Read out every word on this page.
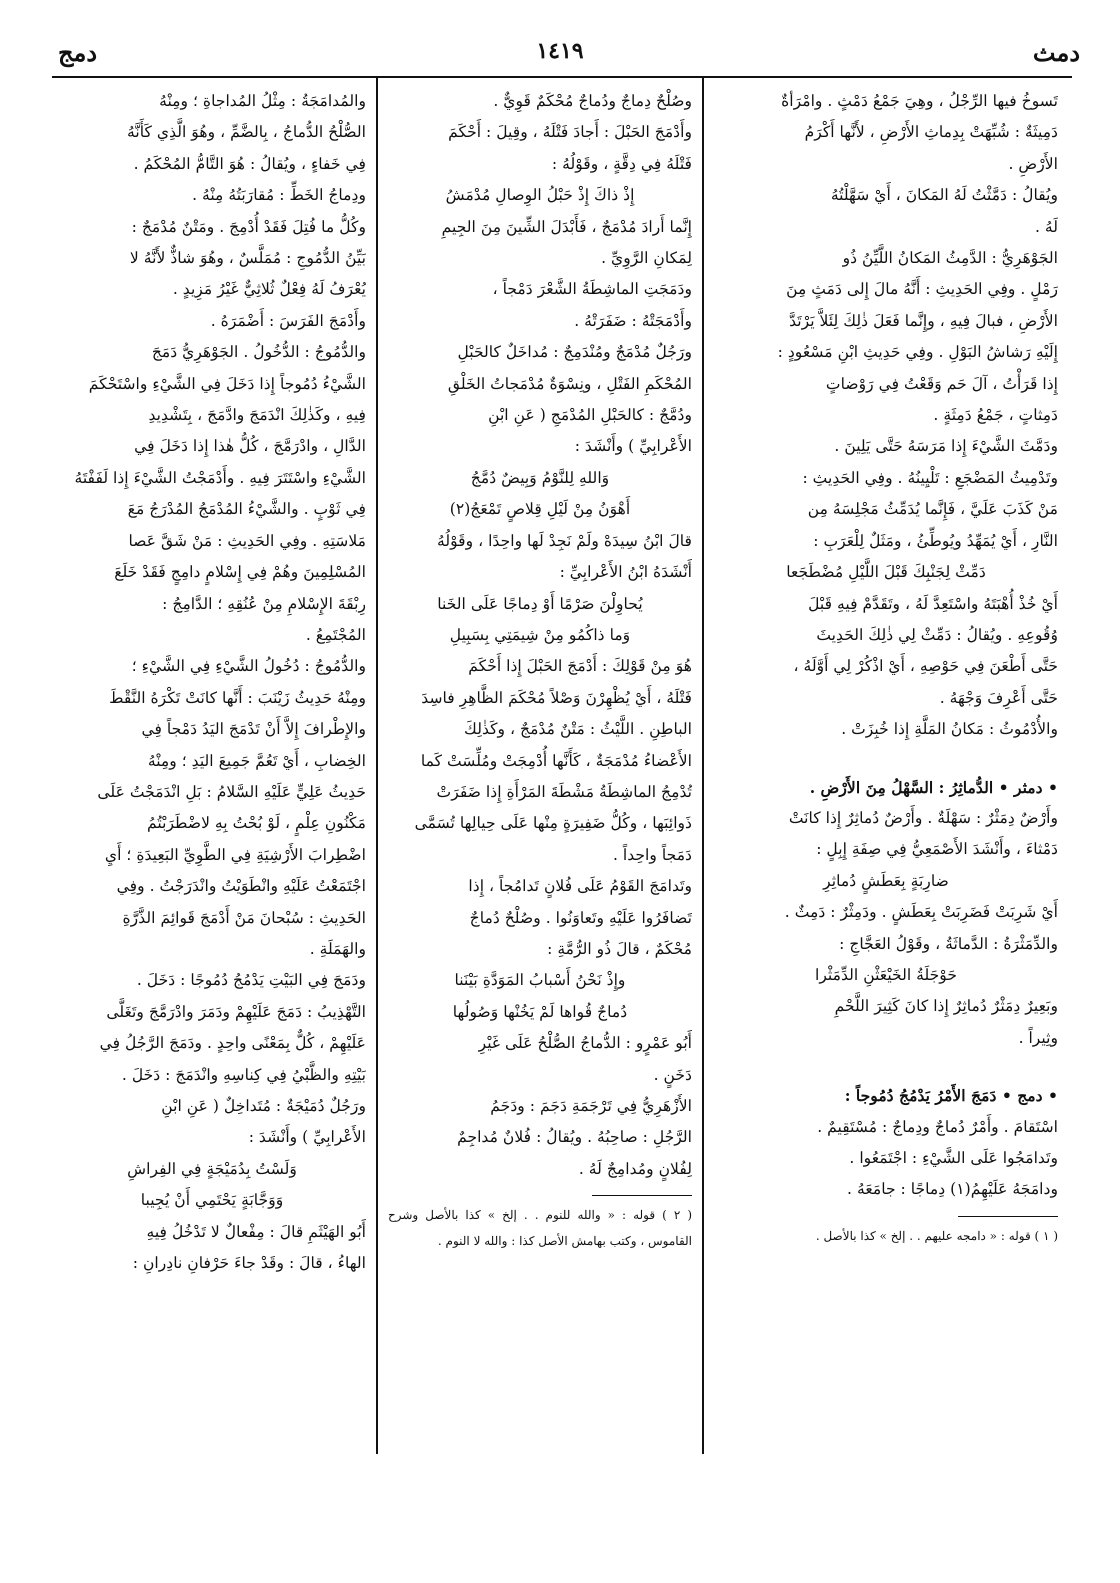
دمث
١٤١٩
دمج

تَسوخُ فيها الرِّجْلُ ، وهِيَ جَمْعُ دَمْثٍ . وامْرَأةٌ

دَمِيثَةٌ : شُبِّهَتْ بِدِماثِ الأَرْضِ ، لأَنَّها أَكْرَمُ

الأَرْضِ .

ويُقالُ : دَمَّثْتُ لَهُ المَكانَ ، أَيْ سَهَّلْتُهُ

لَهُ .

الجَوْهَرِيُّ : الدَّمِثُ المَكانُ اللَّيِّنُ ذُو

رَمْلٍ . وفِي الحَدِيثِ : أَنَّهُ مالَ إِلى دَمَثٍ مِنَ

الأَرْضِ ، فبالَ فِيهِ ، وإِنَّما فَعَلَ ذٰلِكَ لِئَلاَّ يَرْتَدَّ

إِلَيْهِ رَشاشُ البَوْلِ . وفِي حَدِيثِ ابْنِ مَسْعُودٍ :

إِذا قَرَأْتُ ، آلَ حَم وَقَعْتُ فِي رَوْضاتٍ

دَمِثاتٍ ، جَمْعُ دَمِثَةٍ .

ودَمَّثَ الشَّيْءَ إِذا مَرَسَهُ حَتَّى يَلِينَ .

وتَدْمِيثُ المَضْجَعِ : تَلْيِينُهُ . وفِي الحَدِيثِ :

مَنْ كَذَبَ عَلَيَّ ، فَإِنَّما يُدَمِّثُ مَجْلِسَهُ مِن

النَّارِ ، أَيْ يُمَهِّدُ ويُوطِّئُ ، ومَثَلٌ لِلْعَرَبِ :

دَمِّثْ لِجَنْبِكَ قَبْلَ اللَّيْلِ مُضْطَجَعا

أَيْ خُذْ أُهْبَتَهُ واسْتَعِدَّ لَهُ ، وتَقَدَّمْ فِيهِ قَبْلَ

وُقُوعِهِ . ويُقالُ : دَمِّثْ لِي ذٰلِكَ الحَدِيثَ

حَتَّى أَطْعَنَ فِي حَوْصِهِ ، أَيْ اذْكُرْ لِي أَوَّلَهُ ،

حَتَّى أَعْرِفَ وَجْهَهُ .

والأُدْمُوثُ : مَكانُ المَلَّةِ إِذا خُبِزَتْ .

• دمثر • الدُّماثِرُ : السَّهْلُ مِنَ الأَرْضِ .

وأَرْضٌ دِمَثْرٌ : سَهْلَةٌ . وأَرْضٌ دُماثِرٌ إِذا كانَتْ

دَمْثاءَ ، وأَنْشَدَ الأَصْمَعِيُّ فِي صِفَةِ إِبِلٍ :

ضارِبَةٍ بِعَطَشٍ دُماثِرِ

أَيْ شَرِبَتْ فَضَرِبَتْ بِعَطَشٍ . ودَمِثْرٌ : دَمِثٌ .

والدِّمَثْرَةُ : الدَّماثَةُ ، وقَوْلُ العَجَّاجِ :

حَوْجَلَةُ الخَيْعَثْنِ الدِّمَثْرا

وبَعِيرٌ دِمَثْرٌ دُماثِرٌ إِذا كانَ كَثِيرَ اللَّحْمِ

وثِيراً .

• دمج • دَمَجَ الأَمْرُ يَدْمُجُ دُمُوجاً :

اسْتَقامَ . وأَمْرٌ دُماجٌ ودِماجٌ : مُسْتَقِيمٌ .

وتَدامَجُوا عَلَى الشَّيْءِ : اجْتَمَعُوا .

ودامَجَهُ عَلَيْهِمُ(١) دِماجًا : جامَعَهُ .

( ١ ) قوله : « دامجه عليهم . . إلخ » كذا بالأصل .

وصُلْحٌ دِماجٌ ودُماجٌ مُحْكَمٌ قَوِيٌّ .

وأَدْمَجَ الحَبْلَ : أَجادَ فَتْلَهُ ، وقِيلَ : أَحْكَمَ

فَتْلَهُ فِي دِقَّةٍ ، وقَوْلُهُ :

إِذْ ذاكَ إِذْ حَبْلُ الوِصالِ مُدْمَشُ

إِنَّما أَرادَ مُدْمَجٌ ، فَأَبْدَلَ الشِّينَ مِنَ الجِيمِ

لِمَكانِ الرَّوِيِّ .

ودَمَجَتِ الماشِطَةُ الشَّعْرَ دَمْجاً ،

وأَدْمَجَتْهُ : ضَفَرَتْهُ .

ورَجُلٌ مُدْمَجٌ ومُنْدَمِجٌ : مُداخَلٌ كالحَبْلِ

المُحْكَمِ الفَتْلِ ، ونِسْوَةٌ مُدْمَجاتُ الخَلْقِ

ودُمَّجٌ : كالحَبْلِ المُدْمَجِ ( عَنِ ابْنِ

الأَعْرابِيِّ ) وأَنْشَدَ :

وَاللهِ لِلنَّوْمُ وَبِيضٌ دُمَّجُ

أَهْوَنُ مِنْ لَيْلِ قِلاصٍ تَمْعَجُ(٢)

قالَ ابْنُ سِيدَهْ ولَمْ نَجِدْ لَها واحِدًا ، وقَوْلُهُ

أَنْشَدَهُ ابْنُ الأَعْرابِيِّ :

يُحاوِلْنَ صَرْمًا أَوْ دِماجًا عَلَى الخَنا

وَما ذاكُمُو مِنْ شِيمَتِي بِسَبِيلِ

هُوَ مِنْ قَوْلِكَ : أَدْمَجَ الحَبْلَ إِذا أَحْكَمَ

فَتْلَهُ ، أَيْ يُظْهِرْنَ وَصْلاً مُحْكَمَ الظَّاهِرِ فاسِدَ

الباطِنِ . اللَّيْثُ : مَتْنٌ مُدْمَجٌ ، وكَذٰلِكَ

الأَعْضاءُ مُدْمَجَةٌ ، كَأَنَّها أُدْمِجَتْ ومُلِّسَتْ كَما

تُدْمِجُ الماشِطَةُ مَشْطَةَ المَرْأَةِ إِذا ضَفَرَتْ

ذَوائِبَها ، وكُلُّ ضَفِيرَةٍ مِنْها عَلَى حِيالِها تُسَمَّى

دَمَجاً واحِداً .

وتَدامَجَ القَوْمُ عَلَى فُلانٍ تَدامُجاً ، إِذا

تَضافَرُوا عَلَيْهِ وتَعاوَنُوا . وصُلْحٌ دُماجٌ

مُحْكَمٌ ، قالَ ذُو الرُّمَّةِ :

وإِذْ نَحْنُ أَسْبابُ المَوَدَّةِ بَيْنَنا

دُماجٌ قُواها لَمْ يَخُنْها وَصُولُها

أَبُو عَمْرٍو : الدُّماجُ الصُّلْحُ عَلَى غَيْرِ

دَخَنٍ .

الأَزْهَرِيُّ فِي تَرْجَمَةِ دَجَمَ : ودَجَمُ

الرَّجُلِ : صاحِبُهُ . ويُقالُ : فُلانٌ مُداجِمٌ

لِفُلانٍ ومُدامِجٌ لَهُ .

( ٢ ) قوله : « والله للنوم . . إلخ » كذا بالأصل وشرح القاموس ، وكتب بهامش الأصل كذا : والله لا النوم .

والمُدامَجَةُ : مِثْلُ المُداجاةِ ؛ ومِنْهُ

الصُّلْحُ الدُّماجُ ، بِالضَّمِّ ، وهُوَ الَّذِي كَأَنَّهُ

فِي خَفاءٍ ، ويُقالُ : هُوَ التَّامُّ المُحْكَمُ .

ودِماجُ الخَطِّ : مُقارَبَتُهُ مِنْهُ .

وكُلُّ ما فُتِلَ فَقَدْ أُدْمِجَ . ومَتْنٌ مُدْمَجٌ :

بَيِّنُ الدُّمُوجِ : مُمَلَّسٌ ، وهُوَ شاذٌّ لأَنَّهُ لا

يُعْرَفُ لَهُ فِعْلٌ ثُلاثِيٌّ غَيْرُ مَزِيدٍ .

وأَدْمَجَ الفَرَسَ : أَضْمَرَهُ .

والدُّمُوجُ : الدُّخُولُ . الجَوْهَرِيُّ دَمَجَ

الشَّيْءُ دُمُوجاً إِذا دَخَلَ فِي الشَّيْءِ واسْتَحْكَمَ

فِيهِ ، وكَذٰلِكَ انْدَمَجَ وادَّمَجَ ، بِتَشْدِيدِ

الدَّالِ ، وادْرَمَّجَ ، كُلُّ هٰذا إِذا دَخَلَ فِي

الشَّيْءِ واسْتَتَرَ فِيهِ . وأَدْمَجْتُ الشَّيْءَ إِذا لَفَفْتَهُ

فِي ثَوْبٍ . والشَّيْءُ المُدْمَجُ المُدْرَجُ مَعَ

مَلاسَتِهِ . وفِي الحَدِيثِ : مَنْ شَقَّ عَصا

المُسْلِمِينَ وهُمْ فِي إِسْلامٍ دامِجٍ فَقَدْ خَلَعَ

رِبْقَةَ الإِسْلامِ مِنْ عُنُقِهِ ؛ الدَّامِجُ :

المُجْتَمِعُ .

والدُّمُوجُ : دُخُولُ الشَّيْءِ فِي الشَّيْءِ ؛

ومِنْهُ حَدِيثُ زَيْنَبَ : أَنَّها كانَتْ تَكْرَهُ النَّقْطَ

والإِطْرافَ إِلاَّ أَنْ تَدْمَجَ اليَدُ دَمْجاً فِي

الخِضابِ ، أَيْ تَعُمَّ جَمِيعَ اليَدِ ؛ ومِنْهُ

حَدِيثُ عَلِيٍّ عَلَيْهِ السَّلامُ : بَلِ انْدَمَجْتُ عَلَى

مَكْنُونِ عِلْمٍ ، لَوْ بُحْتُ بِهِ لاضْطَرَبْتُمُ

اضْطِرابَ الأَرْشِيَةِ فِي الطَّوِيِّ البَعِيدَةِ ؛ أَيِ

اجْتَمَعْتُ عَلَيْهِ وانْطَوَيْتُ وانْدَرَجْتُ . وفِي

الحَدِيثِ : سُبْحانَ مَنْ أَدْمَجَ قَوائِمَ الذَّرَّةِ

والهَمَلَةِ .

ودَمَجَ فِي البَيْتِ يَدْمُجُ دُمُوجًا : دَخَلَ .

التَّهْذِيبُ : دَمَجَ عَلَيْهِمْ ودَمَرَ وادْرَمَّجَ وتَغَلَّى

عَلَيْهِمْ ، كُلٌّ بِمَعْنًى واحِدٍ . ودَمَجَ الرَّجُلُ فِي

بَيْتِهِ والظَّبْيُ فِي كِناسِهِ وانْدَمَجَ : دَخَلَ .

ورَجُلٌ دُمَيْجَةٌ : مُتَداخِلٌ ( عَنِ ابْنِ

الأَعْرابِيِّ ) وأَنْشَدَ :

وَلَسْتُ بِدُمَيْجَةٍ فِي الفِراشِ

وَوَجَّابَةٍ يَحْتَمِي أَنْ يُجِيبا

أَبُو الهَيْثَمِ قالَ : مِفْعالٌ لا تَدْخُلُ فِيهِ

الهاءُ ، قالَ : وقَدْ جاءَ حَرْفانِ نادِرانِ :
